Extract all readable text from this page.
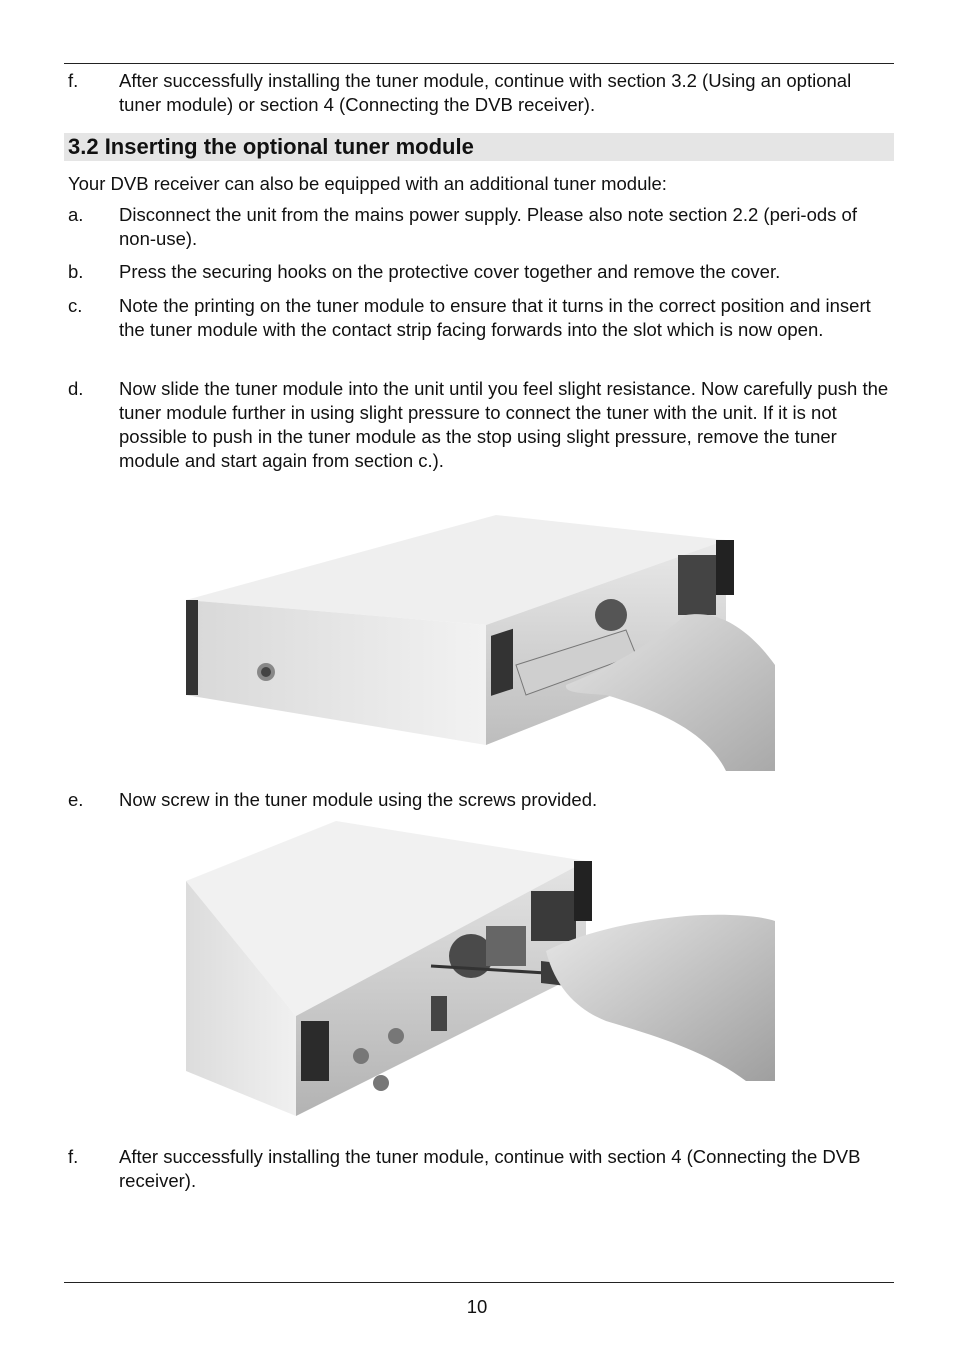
f. After successfully installing the tuner module, continue with section 3.2 (Using an optional tuner module) or section 4 (Connecting the DVB receiver).
3.2 Inserting the optional tuner module
Your DVB receiver can also be equipped with an additional tuner module:
a. Disconnect the unit from the mains power supply. Please also note section 2.2 (peri-ods of non-use).
b. Press the securing hooks on the protective cover together and remove the cover.
c. Note the printing on the tuner module to ensure that it turns in the correct position and insert the tuner module with the contact strip facing forwards into the slot which is now open.
d. Now slide the tuner module into the unit until you feel slight resistance. Now carefully push the tuner module further in using slight pressure to connect the tuner with the unit. If it is not possible to push in the tuner module as the stop using slight pressure, remove the tuner module and start again from section c.).
e. Now screw in the tuner module using the screws provided.
f. After successfully installing the tuner module, continue with section 4 (Connecting the DVB receiver).
10
